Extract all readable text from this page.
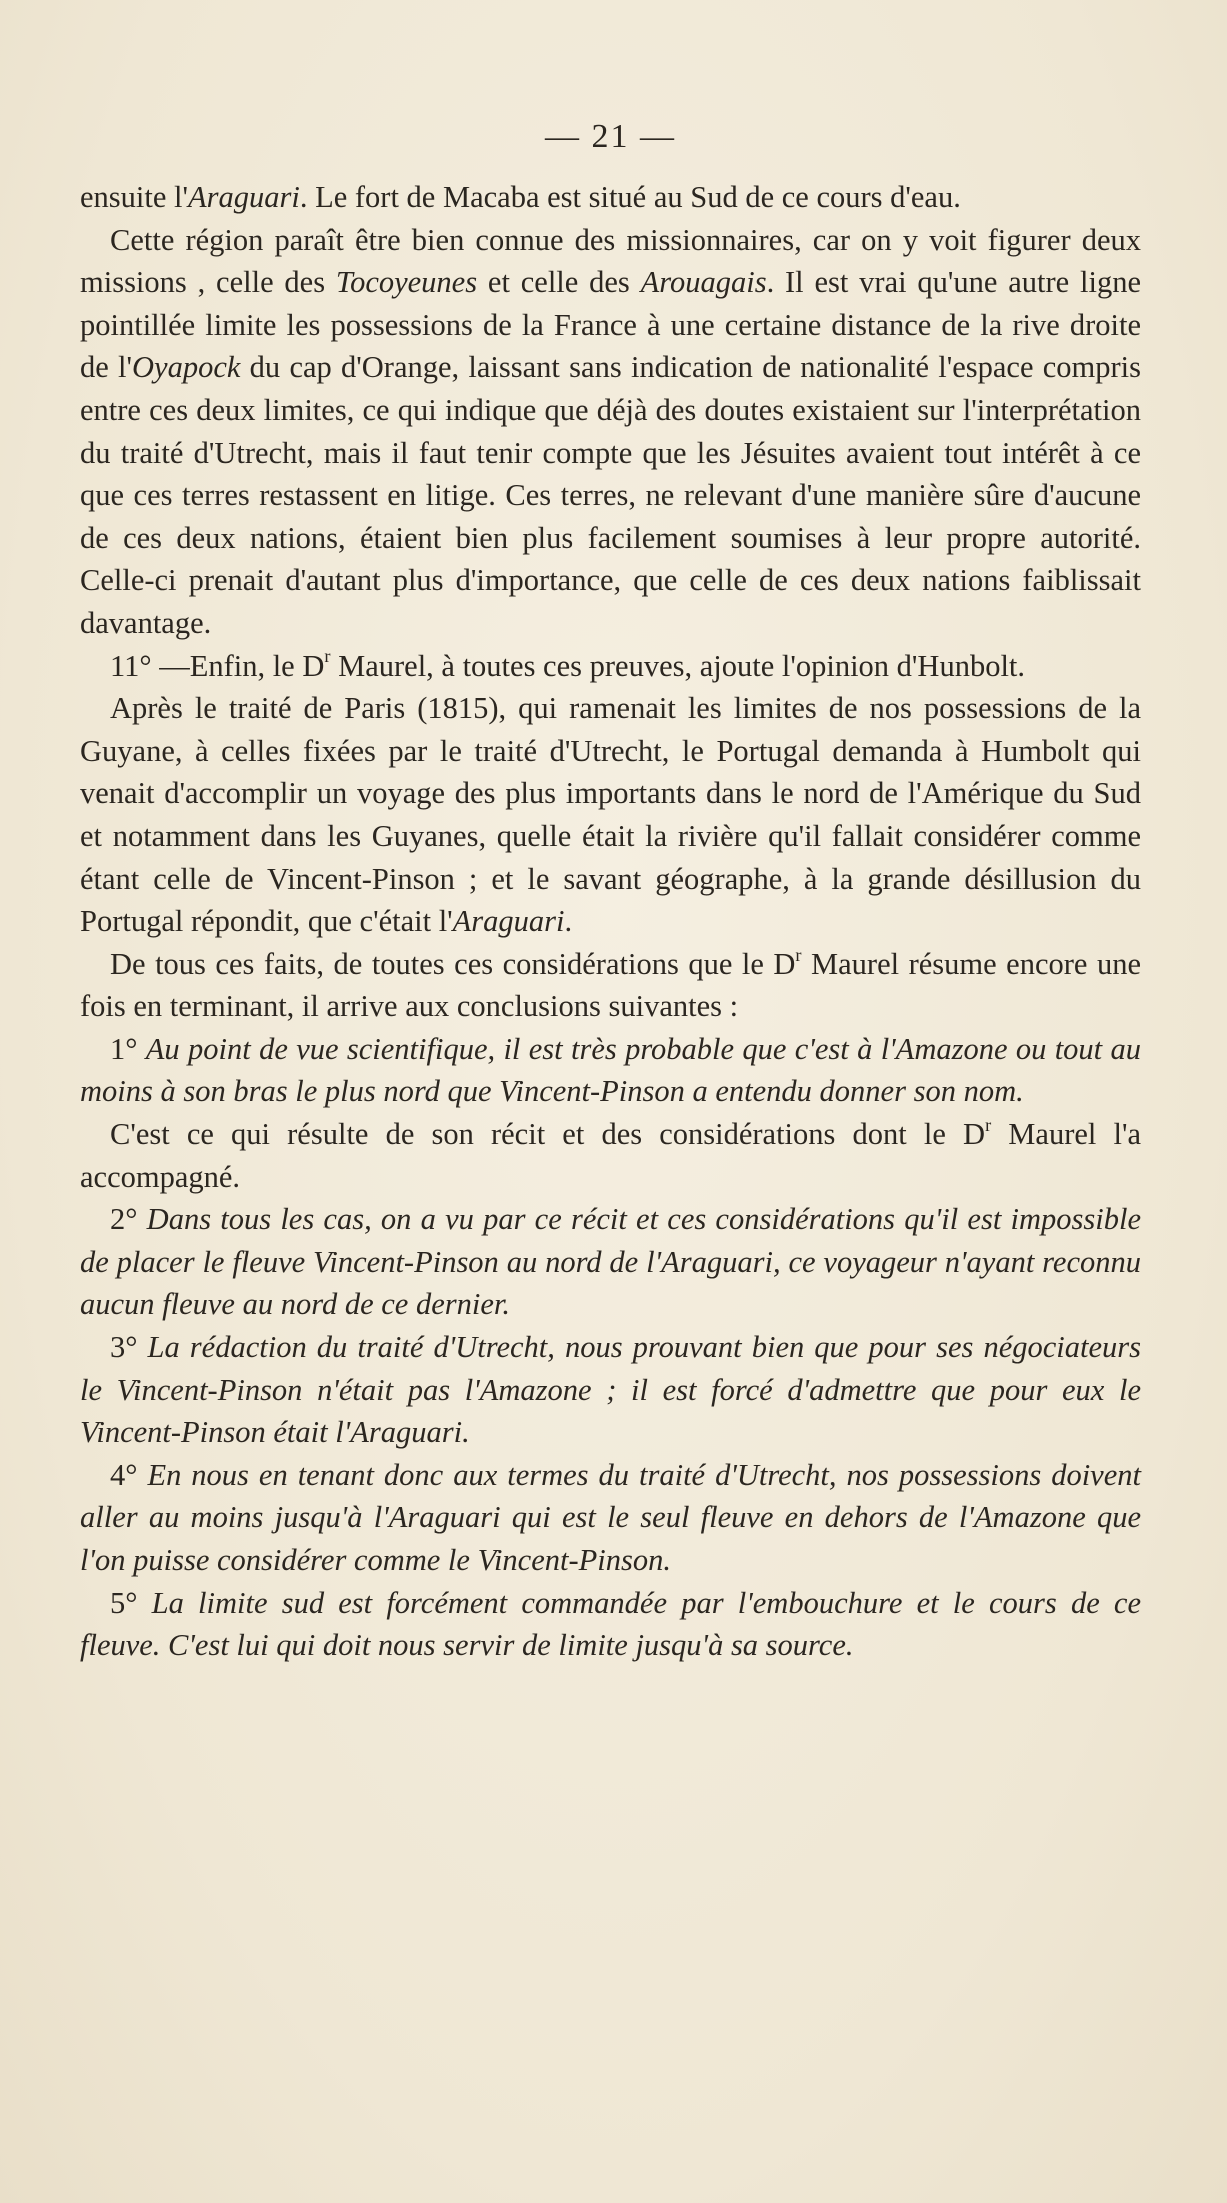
— 21 —

ensuite l'Araguari. Le fort de Macaba est situé au Sud de ce cours d'eau.

Cette région paraît être bien connue des missionnaires, car on y voit figurer deux missions , celle des Tocoyeunes et celle des Arouagais. Il est vrai qu'une autre ligne pointillée limite les possessions de la France à une certaine distance de la rive droite de l'Oyapock du cap d'Orange, laissant sans indication de nationalité l'espace compris entre ces deux limites, ce qui indique que déjà des doutes existaient sur l'interprétation du traité d'Utrecht, mais il faut tenir compte que les Jésuites avaient tout intérêt à ce que ces terres restassent en litige. Ces terres, ne relevant d'une manière sûre d'aucune de ces deux nations, étaient bien plus facilement soumises à leur propre autorité. Celle-ci prenait d'autant plus d'importance, que celle de ces deux nations faiblissait davantage.

11° —Enfin, le $D^r$ Maurel, à toutes ces preuves, ajoute l'opinion d'Hunbolt.

Après le traité de Paris (1815), qui ramenait les limites de nos possessions de la Guyane, à celles fixées par le traité d'Utrecht, le Portugal demanda à Humbolt qui venait d'accomplir un voyage des plus importants dans le nord de l'Amérique du Sud et notamment dans les Guyanes, quelle était la rivière qu'il fallait considérer comme étant celle de Vincent-Pinson ; et le savant géographe, à la grande désillusion du Portugal répondit, que c'était l'Araguari.

De tous ces faits, de toutes ces considérations que le $D^r$ Maurel résume encore une fois en terminant, il arrive aux conclusions suivantes :

1° Au point de vue scientifique, il est très probable que c'est à l'Amazone ou tout au moins à son bras le plus nord que Vincent-Pinson a entendu donner son nom.

C'est ce qui résulte de son récit et des considérations dont le $D^r$ Maurel l'a accompagné.

2° Dans tous les cas, on a vu par ce récit et ces considérations qu'il est impossible de placer le fleuve Vincent-Pinson au nord de l'Araguari, ce voyageur n'ayant reconnu aucun fleuve au nord de ce dernier.

3° La rédaction du traité d'Utrecht, nous prouvant bien que pour ses négociateurs le Vincent-Pinson n'était pas l'Amazone ; il est forcé d'admettre que pour eux le Vincent-Pinson était l'Araguari.

4° En nous en tenant donc aux termes du traité d'Utrecht, nos possessions doivent aller au moins jusqu'à l'Araguari qui est le seul fleuve en dehors de l'Amazone que l'on puisse considérer comme le Vincent-Pinson.

5° La limite sud est forcément commandée par l'embouchure et le cours de ce fleuve. C'est lui qui doit nous servir de limite jusqu'à sa source.
